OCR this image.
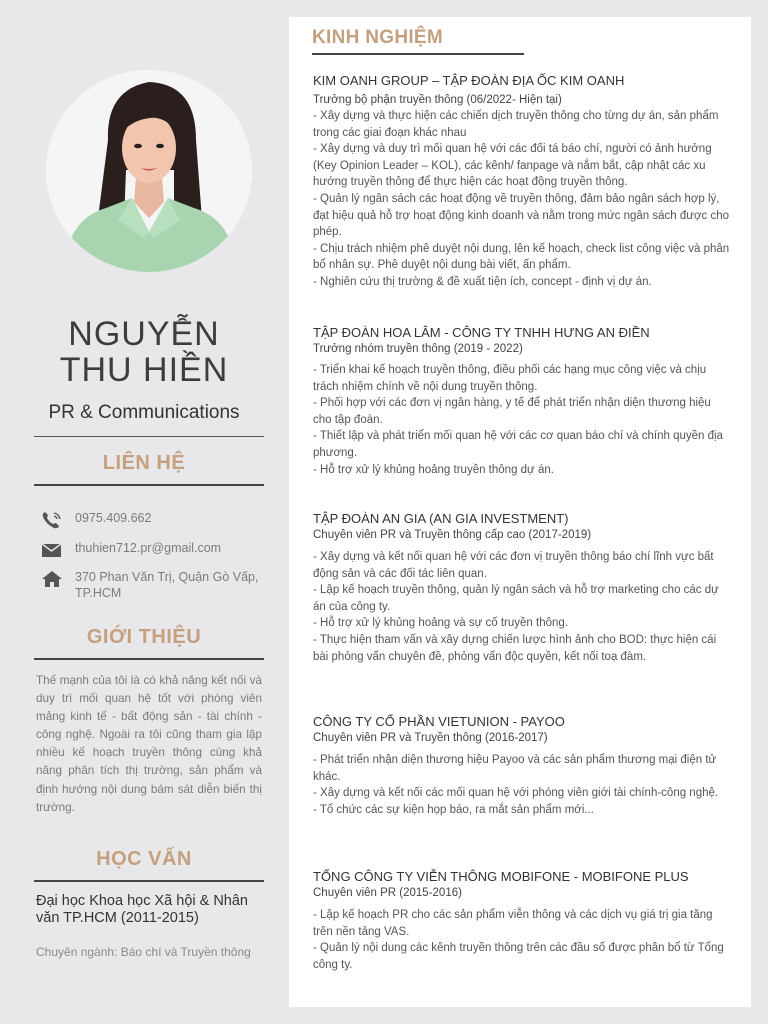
NGUYỄN
THU HIỀN
PR & Communications
LIÊN HỆ
0975.409.662
thuhien712.pr@gmail.com
370 Phan Văn Trị, Quận Gò Vấp, TP.HCM
GIỚI THIỆU
Thế mạnh của tôi là có khả năng kết nối và duy trì mối quan hệ tốt với phóng viên mảng kinh tế - bất động sản - tài chính - công nghệ. Ngoài ra tôi cũng tham gia lập nhiều kế hoạch truyền thông cùng khả năng phân tích thị trường, sản phẩm và định hướng nội dung bám sát diễn biến thị trường.
HỌC VẤN
Đại học Khoa học Xã hội & Nhân văn TP.HCM (2011-2015)
Chuyên ngành: Báo chí và Truyền thông
KINH NGHIỆM
KIM OANH GROUP – TẬP ĐOÀN ĐỊA ỐC KIM OANH
Trưởng bộ phận truyền thông (06/2022- Hiện tại)
- Xây dựng và thực hiện các chiến dịch truyền thông cho từng dự án, sản phẩm trong các giai đoạn khác nhau
- Xây dựng và duy trì mối quan hệ với các đối tá báo chí, người có ảnh hưởng (Key Opinion Leader – KOL), các kênh/ fanpage và nắm bắt, cập nhật các xu hướng truyền thông để thực hiện các hoạt động truyền thông.
- Quản lý ngân sách các hoạt động về truyền thông, đảm bảo ngân sách hợp lý, đạt hiệu quả hỗ trợ hoạt động kinh doanh và nằm trong mức ngân sách được cho phép.
- Chịu trách nhiệm phê duyệt nội dung, lên kế hoạch, check list công việc và phân bổ nhân sự. Phê duyệt nội dung bài viết, ấn phẩm.
- Nghiên cứu thị trường & đề xuất tiện ích, concept - định vị dự án.
TẬP ĐOÀN HOA LÂM - CÔNG TY TNHH HƯNG AN ĐIỀN
Trưởng nhóm truyền thông (2019 - 2022)
- Triển khai kế hoạch truyền thông, điều phối các hạng mục công việc và chịu trách nhiệm chính về nội dung truyền thông.
- Phối hợp với các đơn vị ngân hàng, y tế để phát triển nhận diện thương hiệu cho tập đoàn.
- Thiết lập và phát triển mối quan hệ với các cơ quan báo chí và chính quyền địa phương.
- Hỗ trợ xử lý khủng hoảng truyền thông dự án.
TẬP ĐOÀN AN GIA (AN GIA INVESTMENT)
Chuyên viên PR và Truyền thông cấp cao (2017-2019)
- Xây dựng và kết nối quan hệ với các đơn vị truyền thông báo chí lĩnh vực bất động sản và các đối tác liên quan.
- Lập kế hoạch truyền thông, quản lý ngân sách và hỗ trợ marketing cho các dự án của công ty.
- Hỗ trợ xử lý khủng hoảng và sự cố truyền thông.
- Thực hiện tham vấn và xây dựng chiến lược hình ảnh cho BOD: thực hiện cái bài phỏng vấn chuyên đề, phỏng vấn độc quyền, kết nối toạ đàm.
CÔNG TY CỔ PHẦN VIETUNION - PAYOO
Chuyên viên PR và Truyền thông (2016-2017)
- Phát triển nhận diện thương hiệu Payoo và các sản phẩm thương mại điện tử khác.
- Xây dựng và kết nối các mối quan hệ với phóng viên giới tài chính-công nghệ.
- Tổ chức các sự kiện họp báo, ra mắt sản phẩm mới...
TỔNG CÔNG TY VIỄN THÔNG MOBIFONE - MOBIFONE PLUS
Chuyên viên PR (2015-2016)
- Lập kế hoạch PR cho các sản phẩm viễn thông và các dịch vụ giá trị gia tăng trên nền tảng VAS.
- Quản lý nội dung các kênh truyền thông trên các đầu số được phân bổ từ Tổng công ty.
